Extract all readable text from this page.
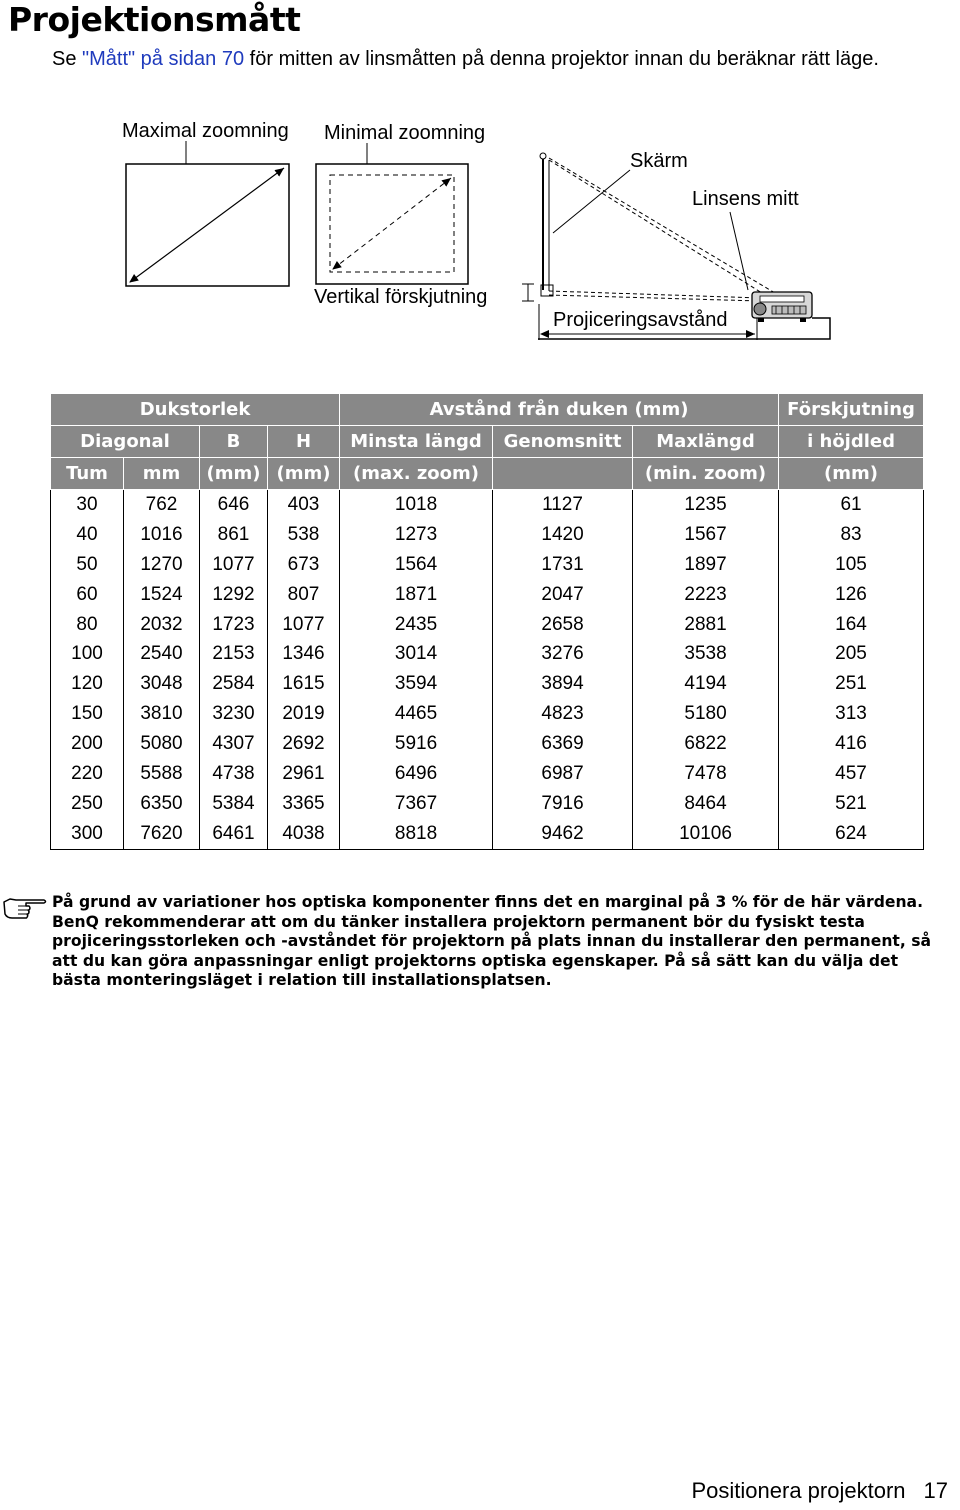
Projektionsmått
Se "Mått" på sidan 70 för mitten av linsmåtten på denna projektor innan du beräknar rätt läge.
Maximal zoomning Minimal zoomning
Skärm
Linsens mitt
Vertikal förskjutning
Projiceringsavstånd
Dukstorlek				Avstånd från duken (mm)			Förskjutning
Diagonal		B	H	Minsta längd	Genomsnitt	Maxlängd	i höjdled
Tum	mm	(mm)	(mm)	(max. zoom)		(min. zoom)	(mm)
30	762	646	403	1018	1127	1235	61
40	1016	861	538	1273	1420	1567	83
50	1270	1077	673	1564	1731	1897	105
60	1524	1292	807	1871	2047	2223	126
80	2032	1723	1077	2435	2658	2881	164
100	2540	2153	1346	3014	3276	3538	205
120	3048	2584	1615	3594	3894	4194	251
150	3810	3230	2019	4465	4823	5180	313
200	5080	4307	2692	5916	6369	6822	416
220	5588	4738	2961	6496	6987	7478	457
250	6350	5384	3365	7367	7916	8464	521
300	7620	6461	4038	8818	9462	10106	624
På grund av variationer hos optiska komponenter finns det en marginal på 3 % för de här värdena. BenQ rekommenderar att om du tänker installera projektorn permanent bör du fysiskt testa projiceringsstorleken och -avståndet för projektorn på plats innan du installerar den permanent, så att du kan göra anpassningar enligt projektorns optiska egenskaper. På så sätt kan du välja det bästa monteringsläget i relation till installationsplatsen.
Positionera projektorn 17
